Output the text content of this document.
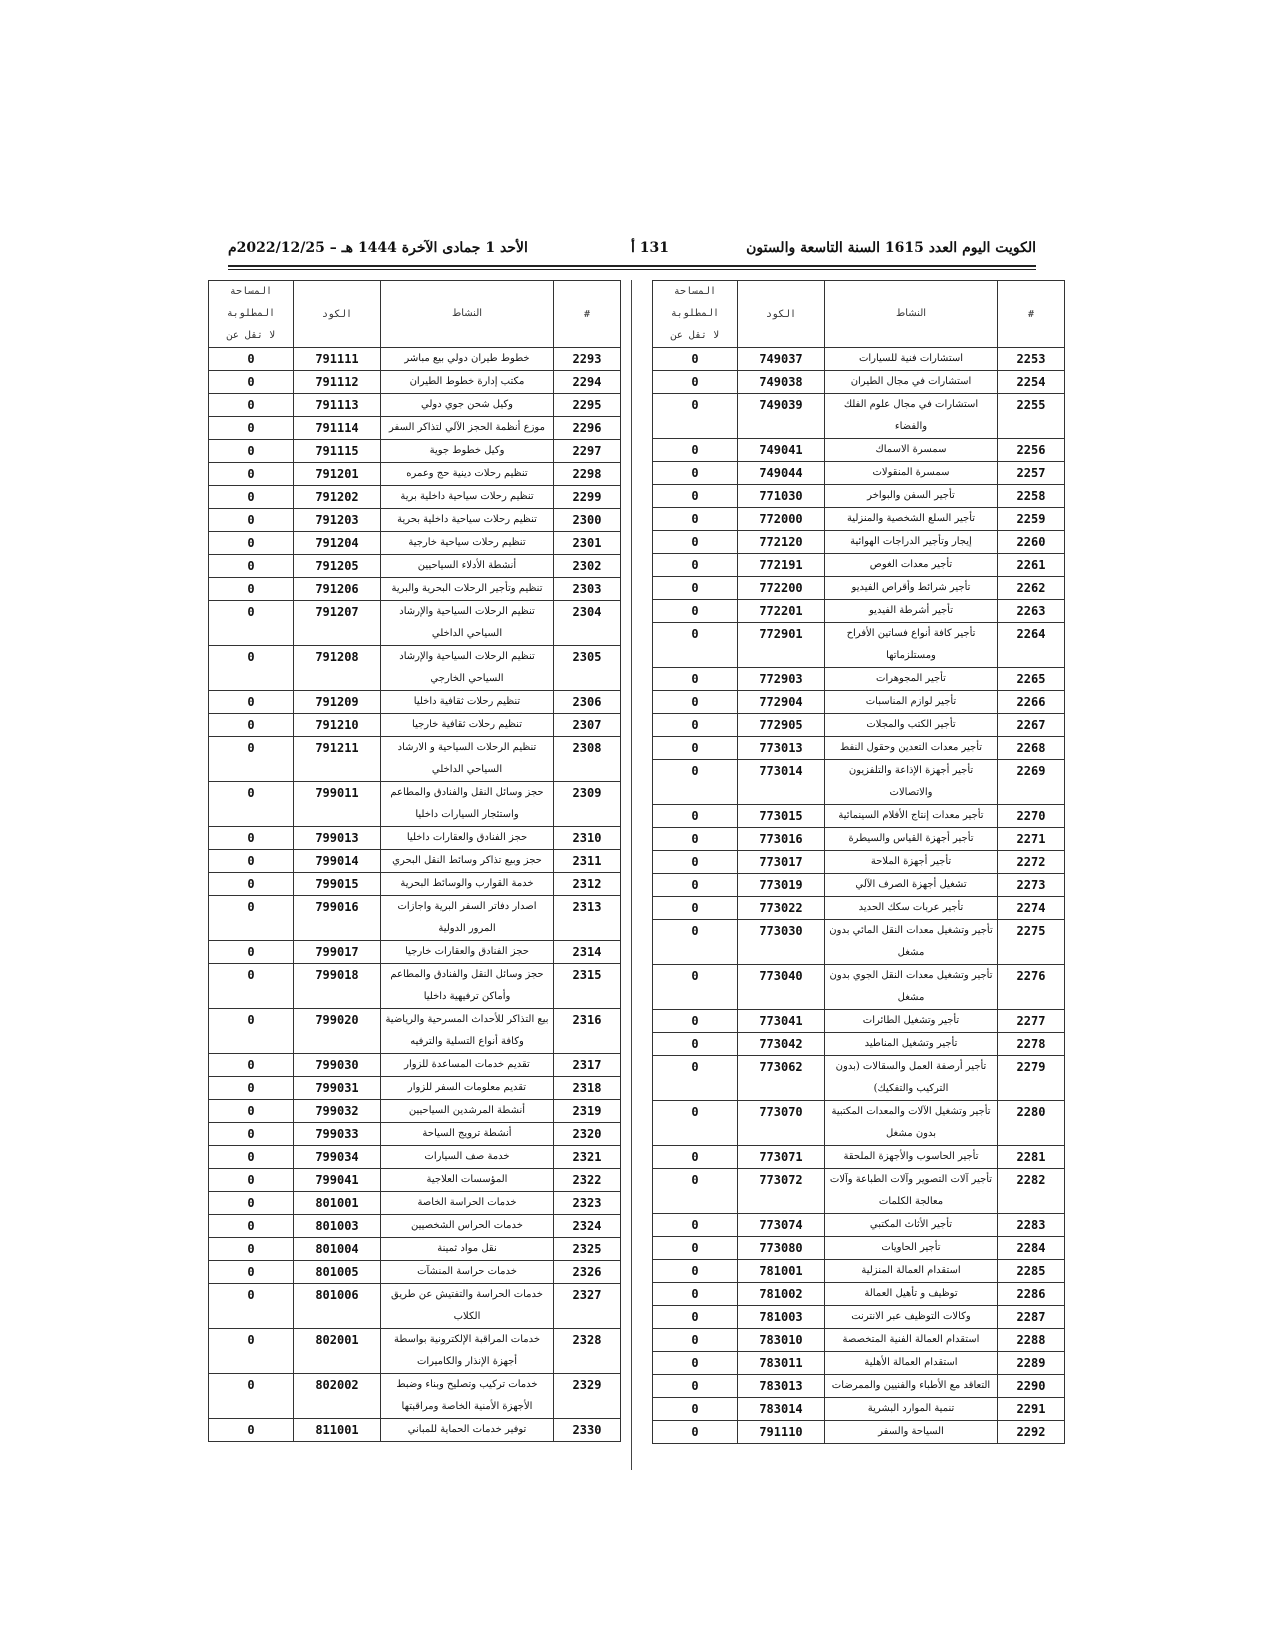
الكويت اليوم العدد 1615 السنة التاسعة والستون
131 أ
الأحد 1 جمادى الآخرة 1444 هـ – 2022/12/25م
#	النشاط	الكود	المساحة
المطلوبة
لا تقل عن

2253	استشارات فنية للسيارات	749037	0
2254	استشارات في مجال الطيران	749038	0
2255	استشارات في مجال علوم الفلك والفضاء	749039	0
2256	سمسرة الاسماك	749041	0
2257	سمسرة المنقولات	749044	0
2258	تأجير السفن والبواخر	771030	0
2259	تأجير السلع الشخصية والمنزلية	772000	0
2260	إيجار وتأجير الدراجات الهوائية	772120	0
2261	تأجير معدات الغوص	772191	0
2262	تأجير شرائط وأقراص الفيديو	772200	0
2263	تأجير أشرطة الفيديو	772201	0
2264	تأجير كافة أنواع فساتين الأفراح ومستلزماتها	772901	0
2265	تأجير المجوهرات	772903	0
2266	تأجير لوازم المناسبات	772904	0
2267	تأجير الكتب والمجلات	772905	0
2268	تأجير معدات التعدين وحقول النفط	773013	0
2269	تأجير أجهزة الإذاعة والتلفزيون والاتصالات	773014	0
2270	تأجير معدات إنتاج الأفلام السينمائية	773015	0
2271	تأجير أجهزة القياس والسيطرة	773016	0
2272	تأجير أجهزة الملاحة	773017	0
2273	تشغيل أجهزة الصرف الآلي	773019	0
2274	تأجير عربات سكك الحديد	773022	0
2275	تأجير وتشغيل معدات النقل المائي بدون مشغل	773030	0
2276	تأجير وتشغيل معدات النقل الجوي بدون مشغل	773040	0
2277	تأجير وتشغيل الطائرات	773041	0
2278	تأجير وتشغيل المناطيد	773042	0
2279	تأجير أرصفة العمل والسقالات (بدون التركيب والتفكيك)	773062	0
2280	تأجير وتشغيل الآلات والمعدات المكتبية بدون مشغل	773070	0
2281	تأجير الحاسوب والأجهزة الملحقة	773071	0
2282	تأجير آلات التصوير وآلات الطباعة وآلات معالجة الكلمات	773072	0
2283	تأجير الأثاث المكتبي	773074	0
2284	تأجير الحاويات	773080	0
2285	استقدام العمالة المنزلية	781001	0
2286	توظيف و تأهيل العمالة	781002	0
2287	وكالات التوظيف عبر الانترنت	781003	0
2288	استقدام العمالة الفنية المتخصصة	783010	0
2289	استقدام العمالة الأهلية	783011	0
2290	التعاقد مع الأطباء والفنيين والممرضات	783013	0
2291	تنمية الموارد البشرية	783014	0
2292	السياحة والسفر	791110	0
#	النشاط	الكود	المساحة
المطلوبة
لا تقل عن

2293	خطوط طيران دولي بيع مباشر	791111	0
2294	مكتب إدارة خطوط الطيران	791112	0
2295	وكيل شحن جوي دولي	791113	0
2296	موزع أنظمة الحجز الآلي لتذاكر السفر	791114	0
2297	وكيل خطوط جوية	791115	0
2298	تنظيم رحلات دينية حج وعمره	791201	0
2299	تنظيم رحلات سياحية داخلية برية	791202	0
2300	تنظيم رحلات سياحية داخلية بحرية	791203	0
2301	تنظيم رحلات سياحية خارجية	791204	0
2302	أنشطة الأدلاء السياحيين	791205	0
2303	تنظيم وتأجير الرحلات البحرية والبرية	791206	0
2304	تنظيم الرحلات السياحية والإرشاد السياحي الداخلي	791207	0
2305	تنظيم الرحلات السياحية والإرشاد السياحي الخارجي	791208	0
2306	تنظيم رحلات ثقافية داخليا	791209	0
2307	تنظيم رحلات ثقافية خارجيا	791210	0
2308	تنظيم الرحلات السياحية و الارشاد السياحي الداخلي	791211	0
2309	حجز وسائل النقل والفنادق والمطاعم واستئجار السيارات داخليا	799011	0
2310	حجز الفنادق والعقارات داخليا	799013	0
2311	حجز وبيع تذاكر وسائط النقل البحري	799014	0
2312	خدمة القوارب والوسائط البحرية	799015	0
2313	اصدار دفاتر السفر البرية واجازات المرور الدولية	799016	0
2314	حجز الفنادق والعقارات خارجيا	799017	0
2315	حجز وسائل النقل والفنادق والمطاعم وأماكن ترفيهية داخليا	799018	0
2316	بيع التذاكر للأحداث المسرحية والرياضية وكافة أنواع التسلية والترفيه	799020	0
2317	تقديم خدمات المساعدة للزوار	799030	0
2318	تقديم معلومات السفر للزوار	799031	0
2319	أنشطة المرشدين السياحيين	799032	0
2320	أنشطة ترويج السياحة	799033	0
2321	خدمة صف السيارات	799034	0
2322	المؤسسات العلاجية	799041	0
2323	خدمات الحراسة الخاصة	801001	0
2324	خدمات الحراس الشخصيين	801003	0
2325	نقل مواد ثمينة	801004	0
2326	خدمات حراسة المنشآت	801005	0
2327	خدمات الحراسة والتفتيش عن طريق الكلاب	801006	0
2328	خدمات المراقبة الإلكترونية بواسطة أجهزة الإنذار والكاميرات	802001	0
2329	خدمات تركيب وتصليح وبناء وضبط الأجهزة الأمنية الخاصة ومراقبتها	802002	0
2330	توفير خدمات الحماية للمباني	811001	0
